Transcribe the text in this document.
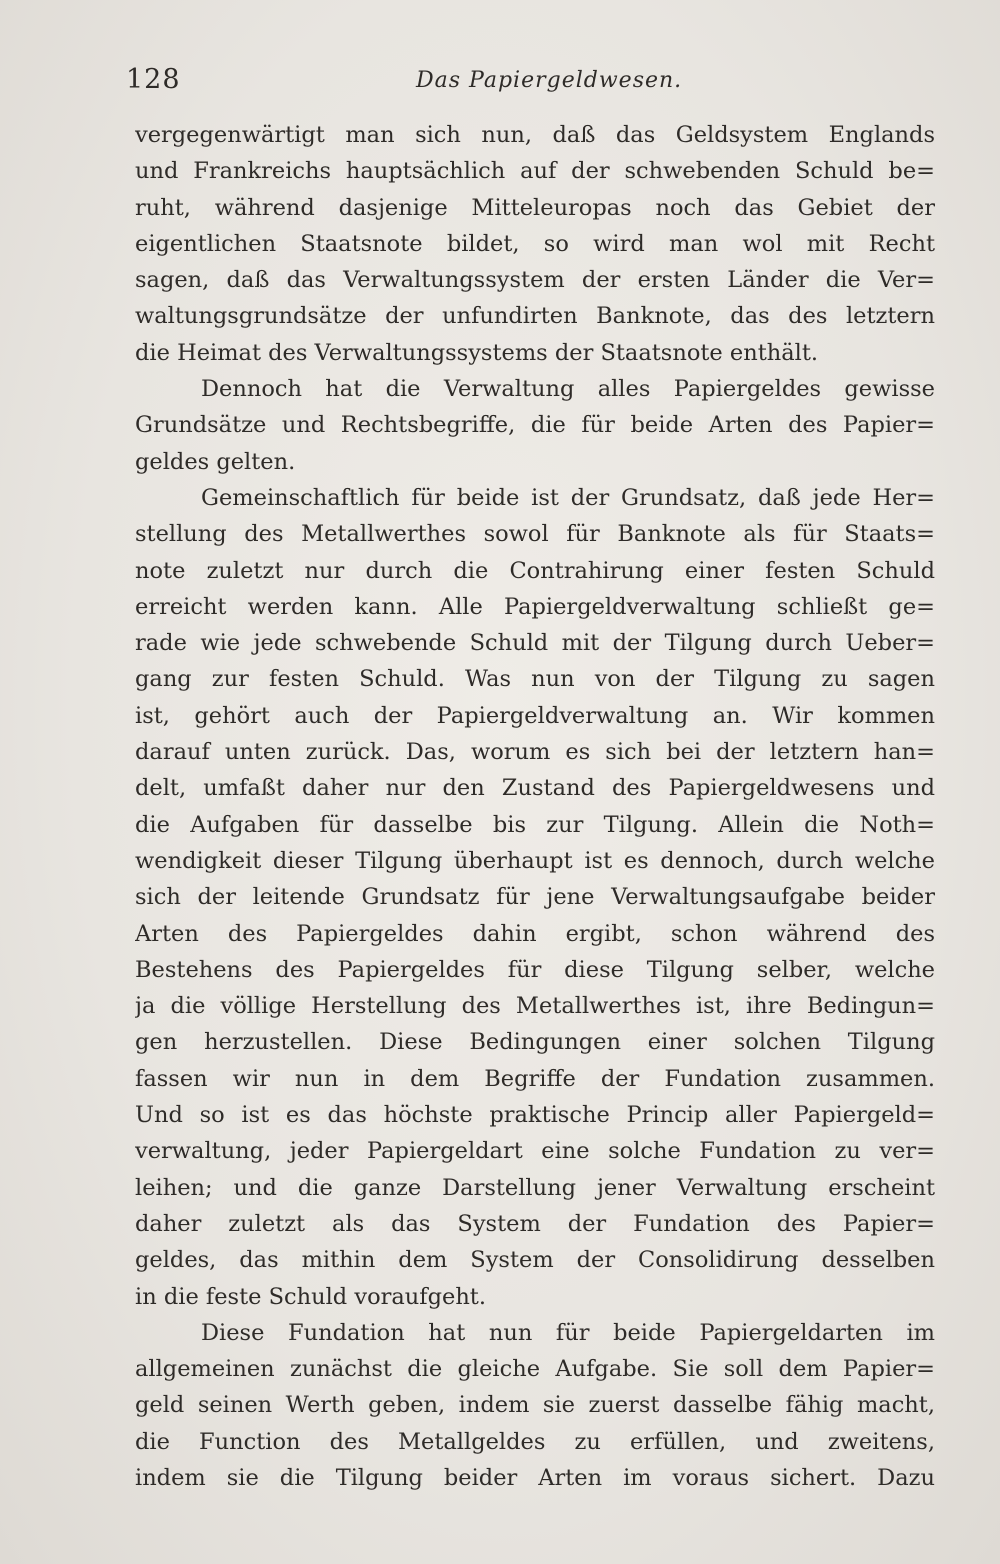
128	Das Papiergeldwesen.
vergegenwärtigt man sich nun, daß das Geldsystem Englands
und Frankreichs hauptsächlich auf der schwebenden Schuld be=
ruht, während dasjenige Mitteleuropas noch das Gebiet der
eigentlichen Staatsnote bildet, so wird man wol mit Recht
sagen, daß das Verwaltungssystem der ersten Länder die Ver=
waltungsgrundsätze der unfundirten Banknote, das des letztern
die Heimat des Verwaltungssystems der Staatsnote enthält.
Dennoch hat die Verwaltung alles Papiergeldes gewisse
Grundsätze und Rechtsbegriffe, die für beide Arten des Papier=
geldes gelten.
Gemeinschaftlich für beide ist der Grundsatz, daß jede Her=
stellung des Metallwerthes sowol für Banknote als für Staats=
note zuletzt nur durch die Contrahirung einer festen Schuld
erreicht werden kann. Alle Papiergeldverwaltung schließt ge=
rade wie jede schwebende Schuld mit der Tilgung durch Ueber=
gang zur festen Schuld. Was nun von der Tilgung zu sagen
ist, gehört auch der Papiergeldverwaltung an. Wir kommen
darauf unten zurück. Das, worum es sich bei der letztern han=
delt, umfaßt daher nur den Zustand des Papiergeldwesens und
die Aufgaben für dasselbe bis zur Tilgung. Allein die Noth=
wendigkeit dieser Tilgung überhaupt ist es dennoch, durch welche
sich der leitende Grundsatz für jene Verwaltungsaufgabe beider
Arten des Papiergeldes dahin ergibt, schon während des
Bestehens des Papiergeldes für diese Tilgung selber, welche
ja die völlige Herstellung des Metallwerthes ist, ihre Bedingun=
gen herzustellen. Diese Bedingungen einer solchen Tilgung
fassen wir nun in dem Begriffe der Fundation zusammen.
Und so ist es das höchste praktische Princip aller Papiergeld=
verwaltung, jeder Papiergeldart eine solche Fundation zu ver=
leihen; und die ganze Darstellung jener Verwaltung erscheint
daher zuletzt als das System der Fundation des Papier=
geldes, das mithin dem System der Consolidirung desselben
in die feste Schuld voraufgeht.
Diese Fundation hat nun für beide Papiergeldarten im
allgemeinen zunächst die gleiche Aufgabe. Sie soll dem Papier=
geld seinen Werth geben, indem sie zuerst dasselbe fähig macht,
die Function des Metallgeldes zu erfüllen, und zweitens,
indem sie die Tilgung beider Arten im voraus sichert. Dazu
